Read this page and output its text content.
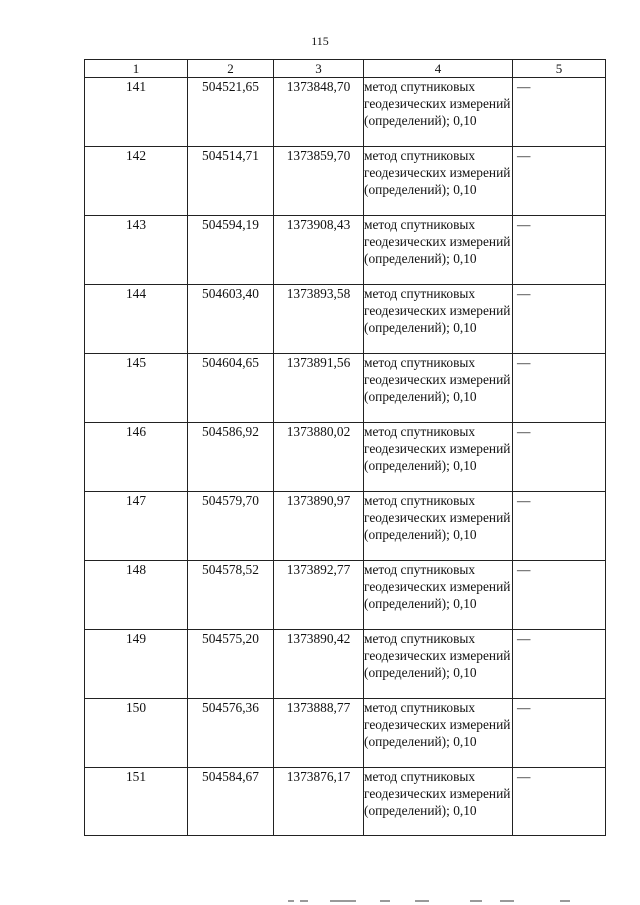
115
1	2	3	4	5
141	504521,65	1373848,70	метод спутниковых геодезических измерений (определений); 0,10	—
142	504514,71	1373859,70	метод спутниковых геодезических измерений (определений); 0,10	—
143	504594,19	1373908,43	метод спутниковых геодезических измерений (определений); 0,10	—
144	504603,40	1373893,58	метод спутниковых геодезических измерений (определений); 0,10	—
145	504604,65	1373891,56	метод спутниковых геодезических измерений (определений); 0,10	—
146	504586,92	1373880,02	метод спутниковых геодезических измерений (определений); 0,10	—
147	504579,70	1373890,97	метод спутниковых геодезических измерений (определений); 0,10	—
148	504578,52	1373892,77	метод спутниковых геодезических измерений (определений); 0,10	—
149	504575,20	1373890,42	метод спутниковых геодезических измерений (определений); 0,10	—
150	504576,36	1373888,77	метод спутниковых геодезических измерений (определений); 0,10	—
151	504584,67	1373876,17	метод спутниковых геодезических измерений (определений); 0,10	—
